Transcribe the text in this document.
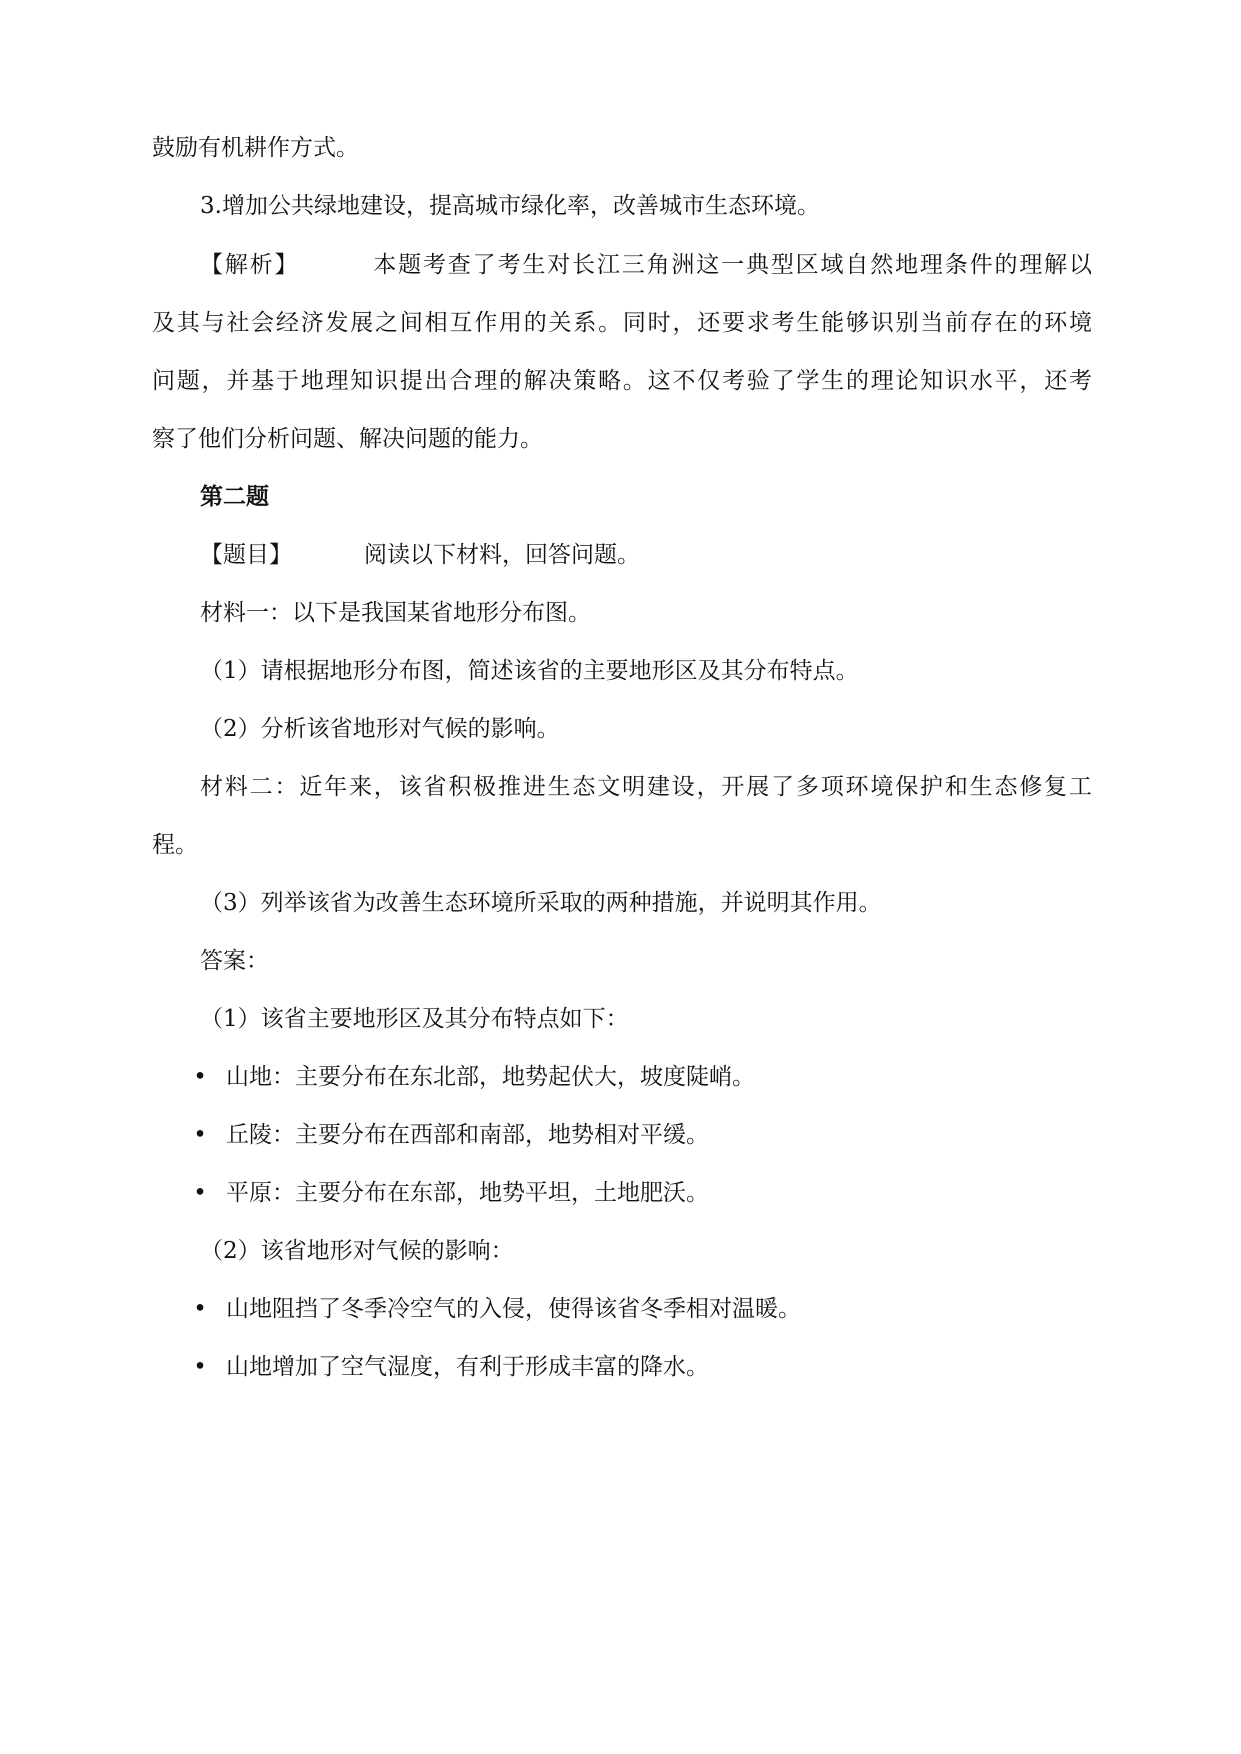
鼓励有机耕作方式。
3.增加公共绿地建设，提高城市绿化率，改善城市生态环境。
【解析】	本题考查了考生对长江三角洲这一典型区域自然地理条件的理解以
及其与社会经济发展之间相互作用的关系。同时，还要求考生能够识别当前存在的环境
问题，并基于地理知识提出合理的解决策略。这不仅考验了学生的理论知识水平，还考
察了他们分析问题、解决问题的能力。
第二题
【题目】	阅读以下材料，回答问题。
材料一：以下是我国某省地形分布图。
（1）请根据地形分布图，简述该省的主要地形区及其分布特点。
（2）分析该省地形对气候的影响。
材料二：近年来，该省积极推进生态文明建设，开展了多项环境保护和生态修复工
程。
（3）列举该省为改善生态环境所采取的两种措施，并说明其作用。
答案：
（1）该省主要地形区及其分布特点如下：
• 山地：主要分布在东北部，地势起伏大，坡度陡峭。
• 丘陵：主要分布在西部和南部，地势相对平缓。
• 平原：主要分布在东部，地势平坦，土地肥沃。
（2）该省地形对气候的影响：
• 山地阻挡了冬季冷空气的入侵，使得该省冬季相对温暖。
• 山地增加了空气湿度，有利于形成丰富的降水。
